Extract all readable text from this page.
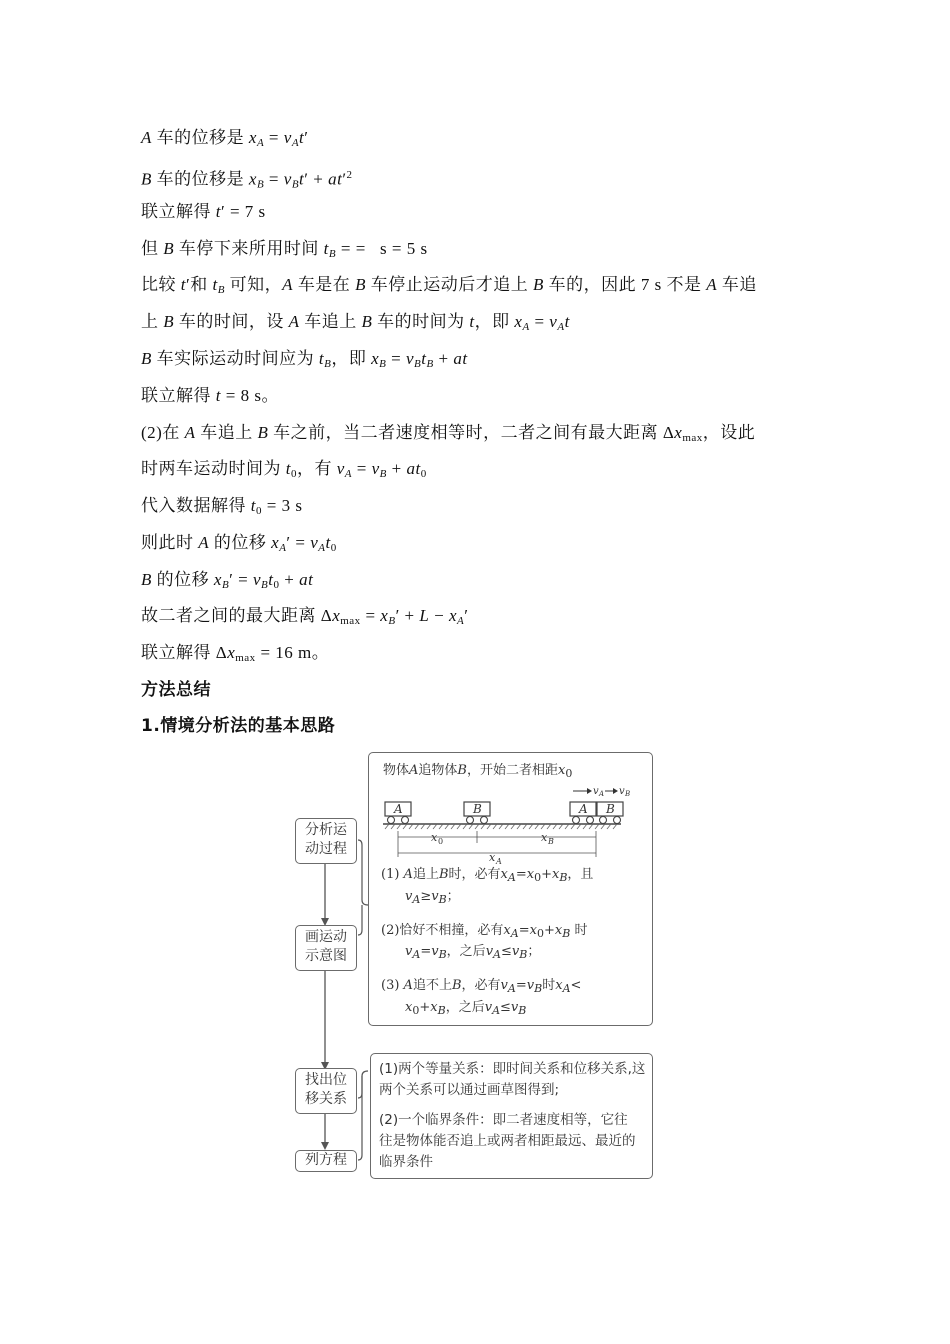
A 车的位移是 $x_A = v_At'$
B 车的位移是 $x_B = v_Bt' + at'^2$
联立解得 t′ = 7 s
但 B 车停下来所用时间 $t_B$ = =   s = 5 s
比较 t′和 $t_B$ 可知，A 车是在 B 车停止运动后才追上 B 车的，因此 7 s 不是 A 车追
上 B 车的时间，设 A 车追上 B 车的时间为 t，即 $x_A = v_At$
B 车实际运动时间应为 $t_B$，即 $x_B = v_Bt_B$ + at
联立解得 t = 8 s。
(2)在 A 车追上 B 车之前，当二者速度相等时，二者之间有最大距离 $\Delta x_{max}$，设此
时两车运动时间为 $t_0$，有 $v_A = v_B + at_0$
代入数据解得 $t_0 = 3$ s
则此时 A 的位移 $x_A' = v_At_0$
B 的位移 $x_B' = v_Bt_0$ + at
故二者之间的最大距离 $\Delta x_{max} = x_B' + L - x_A'$
联立解得 $\Delta x_{max} = 16$ m。
方法总结
1.情境分析法的基本思路
分析运动过程
画运动示意图
找出位移关系
列方程
物体A追物体B，开始二者相距$x_0$
A	B	A B
v A v B
x 0	x B
x A
(1) A追上B时，必有$x_A=x_0+x_B$，且
$v_A\ge v_B$；
(2)恰好不相撞，必有$x_A=x_0+x_B$ 时
$v_A=v_B$，之后$v_A\le v_B$；
(3) A追不上B，必有$v_A=v_B$时$x_A<$
$x_0+x_B$，之后$v_A\le v_B$
(1)两个等量关系：即时间关系和位移关系,这两个关系可以通过画草图得到;
(2)一个临界条件：即二者速度相等，它往往是物体能否追上或两者相距最远、最近的临界条件
